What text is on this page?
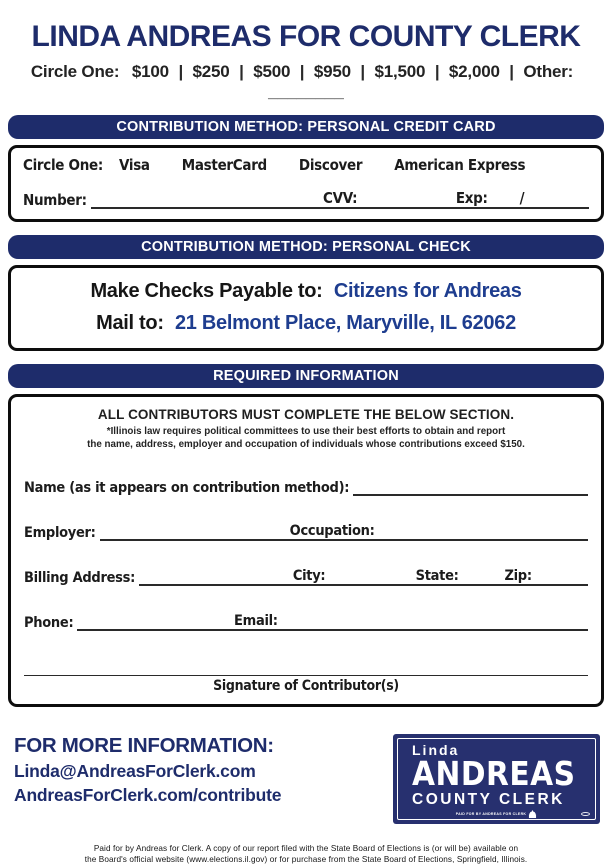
LINDA ANDREAS FOR COUNTY CLERK
Circle One: $100 | $250 | $500 | $950 | $1,500 | $2,000 | Other: ________
CONTRIBUTION METHOD: PERSONAL CREDIT CARD
Circle One:	Visa MasterCard Discover American Express
Number:	CVV:	Exp: /
CONTRIBUTION METHOD: PERSONAL CHECK
Make Checks Payable to: Citizens for Andreas
Mail to: 21 Belmont Place, Maryville, IL 62062
REQUIRED INFORMATION
ALL CONTRIBUTORS MUST COMPLETE THE BELOW SECTION.
*Illinois law requires political committees to use their best efforts to obtain and report
the name, address, employer and occupation of individuals whose contributions exceed $150.
Name (as it appears on contribution method):
Employer:	Occupation:
Billing Address:	City:	State:	Zip:
Phone:	Email:
Signature of Contributor(s)
FOR MORE INFORMATION:
Linda@AndreasForClerk.com
AndreasForClerk.com/contribute
Linda
ANDREAS
COUNTY CLERK
PAID FOR BY ANDREAS FOR CLERK
Paid for by Andreas for Clerk. A copy of our report filed with the State Board of Elections is (or will be) available on
the Board's official website (www.elections.il.gov) or for purchase from the State Board of Elections, Springfield, Illinois.
